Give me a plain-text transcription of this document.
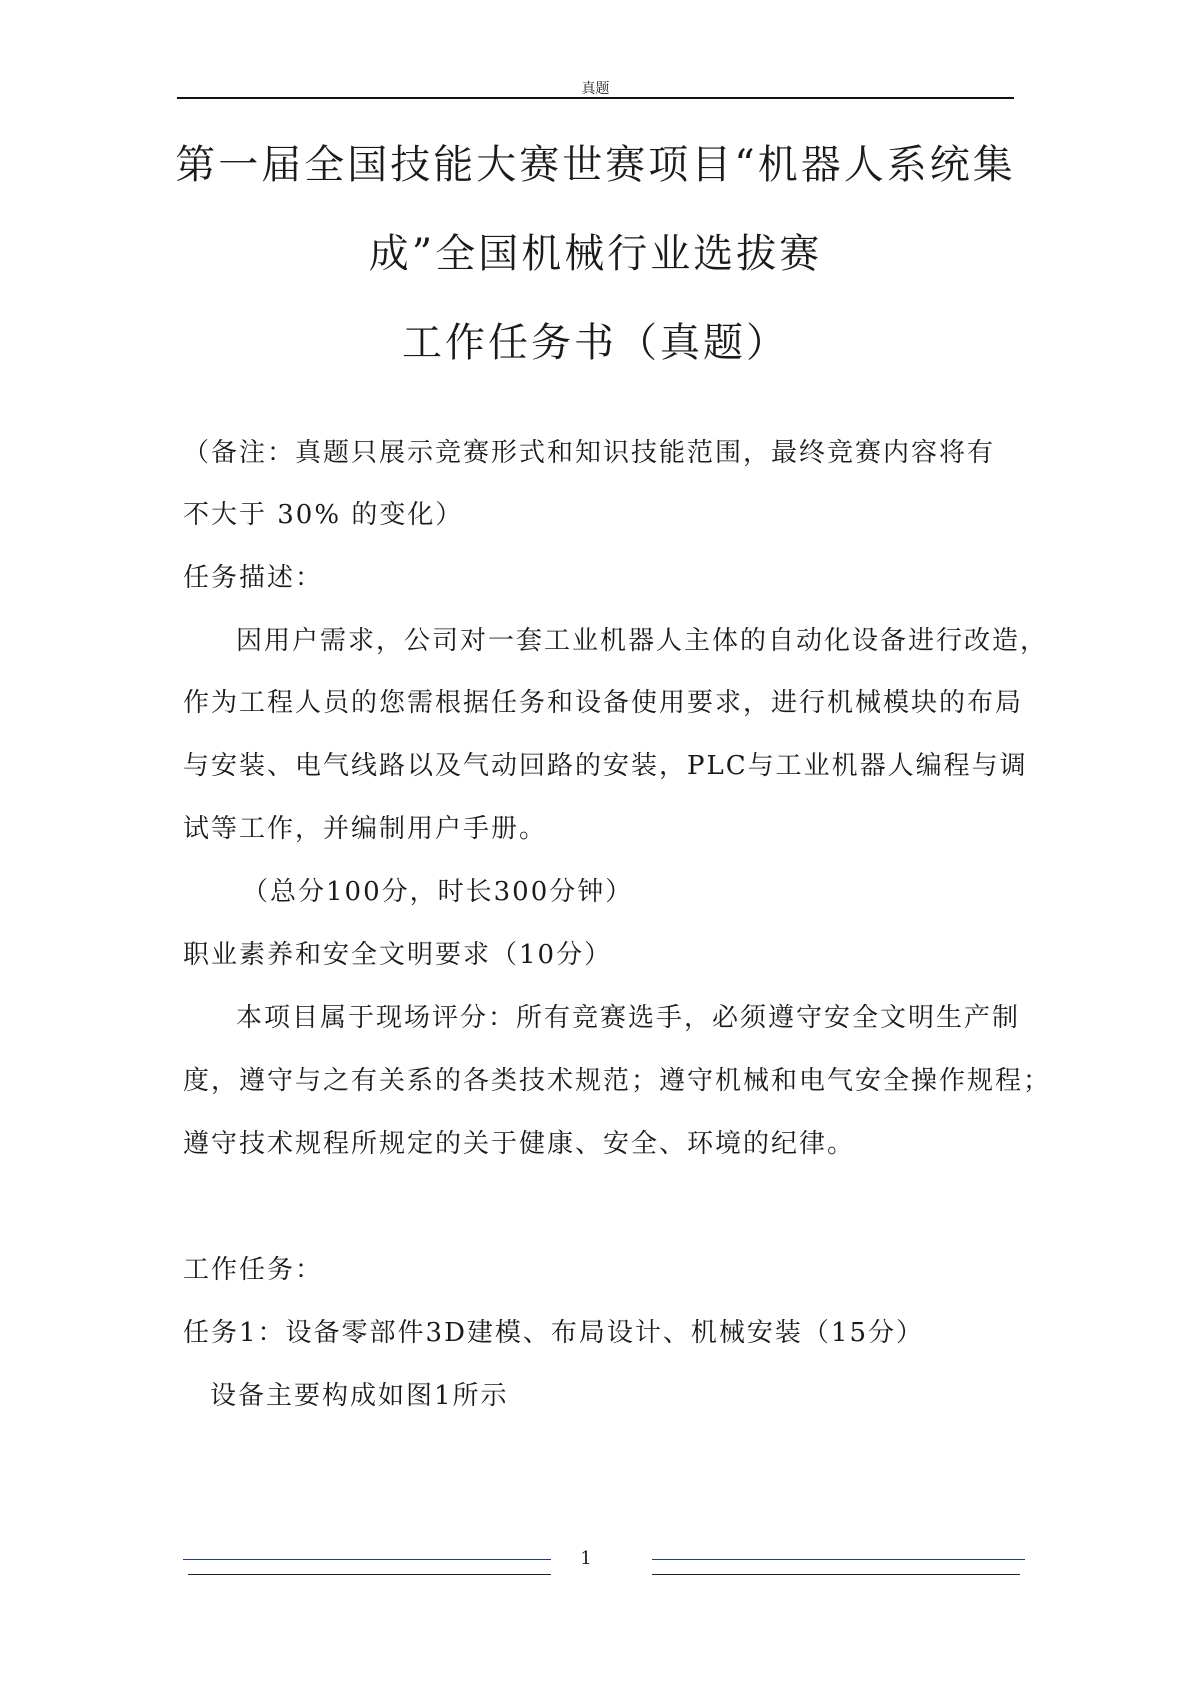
真题
第一届全国技能大赛世赛项目“机器人系统集
成”全国机械行业选拔赛
工作任务书（真题）
（备注：真题只展示竞赛形式和知识技能范围，最终竞赛内容将有
不大于 30% 的变化）
任务描述：
因用户需求，公司对一套工业机器人主体的自动化设备进行改造，
作为工程人员的您需根据任务和设备使用要求，进行机械模块的布局
与安装、电气线路以及气动回路的安装，PLC与工业机器人编程与调
试等工作，并编制用户手册。
（总分100分，时长300分钟）
职业素养和安全文明要求（10分）
本项目属于现场评分：所有竞赛选手，必须遵守安全文明生产制
度，遵守与之有关系的各类技术规范；遵守机械和电气安全操作规程；
遵守技术规程所规定的关于健康、安全、环境的纪律。
工作任务：
任务1：设备零部件3D建模、布局设计、机械安装（15分）
设备主要构成如图1所示
1
